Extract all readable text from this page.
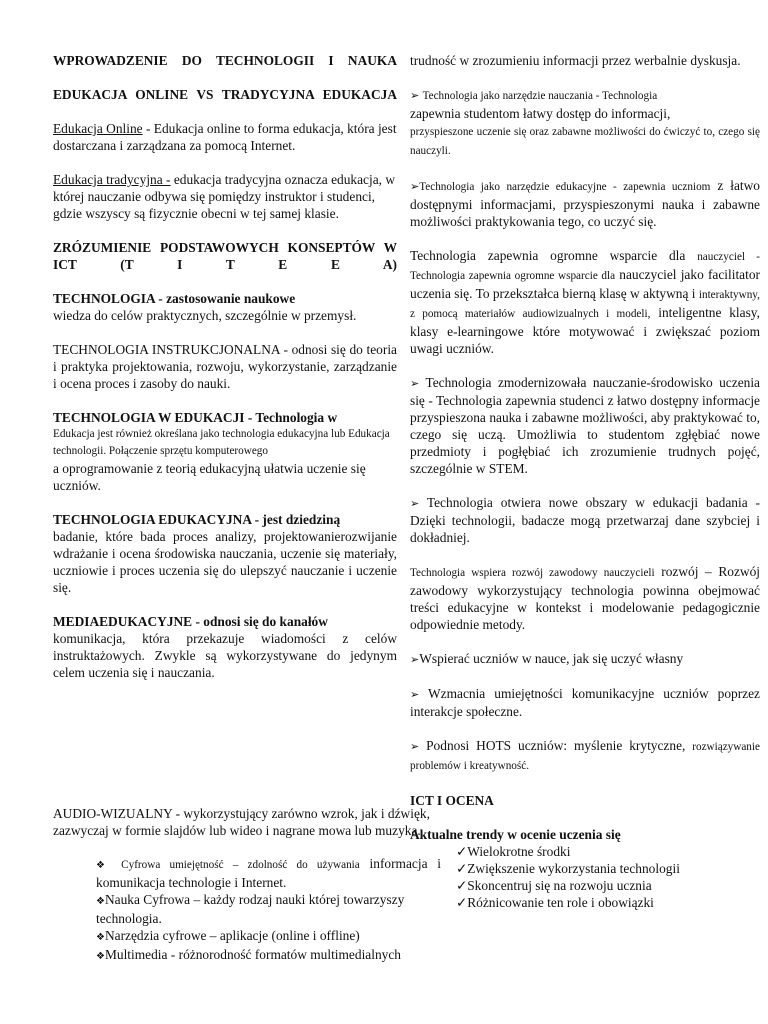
WPROWADZENIE DO TECHNOLOGII I NAUKA

EDUKACJA ONLINE VS TRADYCYJNA EDUKACJA

Edukacja Online - Edukacja online to forma edukacja, która jest dostarczana i zarządzana za pomocą Internet.

Edukacja tradycyjna - edukacja tradycyjna oznacza edukacja, w której nauczanie odbywa się pomiędzy instruktor i studenci, gdzie wszyscy są fizycznie obecni w tej samej klasie.

ZRÓZUMIENIE PODSTAWOWYCH KONSEPTÓW W ICT (T I T E E A)

TECHNOLOGIA - zastosowanie naukowe

wiedza do celów praktycznych, szczególnie w przemysł.

TECHNOLOGIA INSTRUKCJONALNA - odnosi się do teoria i praktyka projektowania, rozwoju, wykorzystanie, zarządzanie i ocena proces i zasoby do nauki.

TECHNOLOGIA W EDUKACJI - Technologia w

Edukacja jest również określana jako technologia edukacyjna lub Edukacja technologii. Połączenie sprzętu komputerowego

a oprogramowanie z teorią edukacyjną ułatwia uczenie się uczniów.

TECHNOLOGIA EDUKACYJNA - jest dziedziną

badanie, które bada proces analizy, projektowanierozwijanie wdrażanie i ocena środowiska nauczania, uczenie się materiały, uczniowie i proces uczenia się do ulepszyć nauczanie i uczenie się.

MEDIAEDUKACYJNE - odnosi się do kanałów

komunikacja, która przekazuje wiadomości z celów instruktażowych. Zwykle są wykorzystywane do jedynym celem uczenia się i nauczania.

AUDIO-WIZUALNY - wykorzystujący zarówno wzrok, jak i dźwięk, zazwyczaj w formie slajdów lub wideo i nagrane mowa lub muzyka.

❖ Cyfrowa umiejętność – zdolność do używania informacja i komunikacja technologie i Internet.

❖Nauka Cyfrowa – każdy rodzaj nauki której towarzyszy technologia.

❖Narzędzia cyfrowe – aplikacje (online i offline)

❖Multimedia - różnorodność formatów multimedialnych

trudność w zrozumieniu informacji przez werbalnie dyskusja.

➢ Technologia jako narzędzie nauczania - Technologia
zapewnia studentom łatwy dostęp do informacji,
przyspieszone uczenie się oraz zabawne możliwości do ćwiczyć to, czego się nauczyli.

➢Technologia jako narzędzie edukacyjne - zapewnia uczniom z łatwo dostępnymi informacjami, przyspieszonymi nauka i zabawne możliwości praktykowania tego, co uczyć się.

Technologia zapewnia ogromne wsparcie dla nauczyciel - Technologia zapewnia ogromne wsparcie dla nauczyciel jako facilitator uczenia się. To przekształca bierną klasę w aktywną i interaktywny, z pomocą materiałów audiowizualnych i modeli, inteligentne klasy, klasy e-learningowe które motywować i zwiększać poziom uwagi uczniów.

➢ Technologia zmodernizowała nauczanie-środowisko uczenia się - Technologia zapewnia studenci z łatwo dostępny informacje przyspieszona nauka i zabawne możliwości, aby praktykować to, czego się uczą. Umożliwia to studentom zgłębiać nowe przedmioty i pogłębiać ich zrozumienie trudnych pojęć, szczególnie w STEM.

➢ Technologia otwiera nowe obszary w edukacji badania - Dzięki technologii, badacze mogą przetwarzaj dane szybciej i dokładniej.

Technologia wspiera rozwój zawodowy nauczycieli rozwój – Rozwój zawodowy wykorzystujący technologia powinna obejmować treści edukacyjne w kontekst i modelowanie pedagogicznie odpowiednie metody.

➢Wspierać uczniów w nauce, jak się uczyć własny

➢ Wzmacnia umiejętności komunikacyjne uczniów poprzez interakcje społeczne.

➢ Podnosi HOTS uczniów: myślenie krytyczne, rozwiązywanie problemów i kreatywność.

ICT I OCENA

Aktualne trendy w ocenie uczenia się

✓Wielokrotne środki

✓Zwiększenie wykorzystania technologii

✓Skoncentruj się na rozwoju ucznia

✓Różnicowanie ten role i obowiązki
